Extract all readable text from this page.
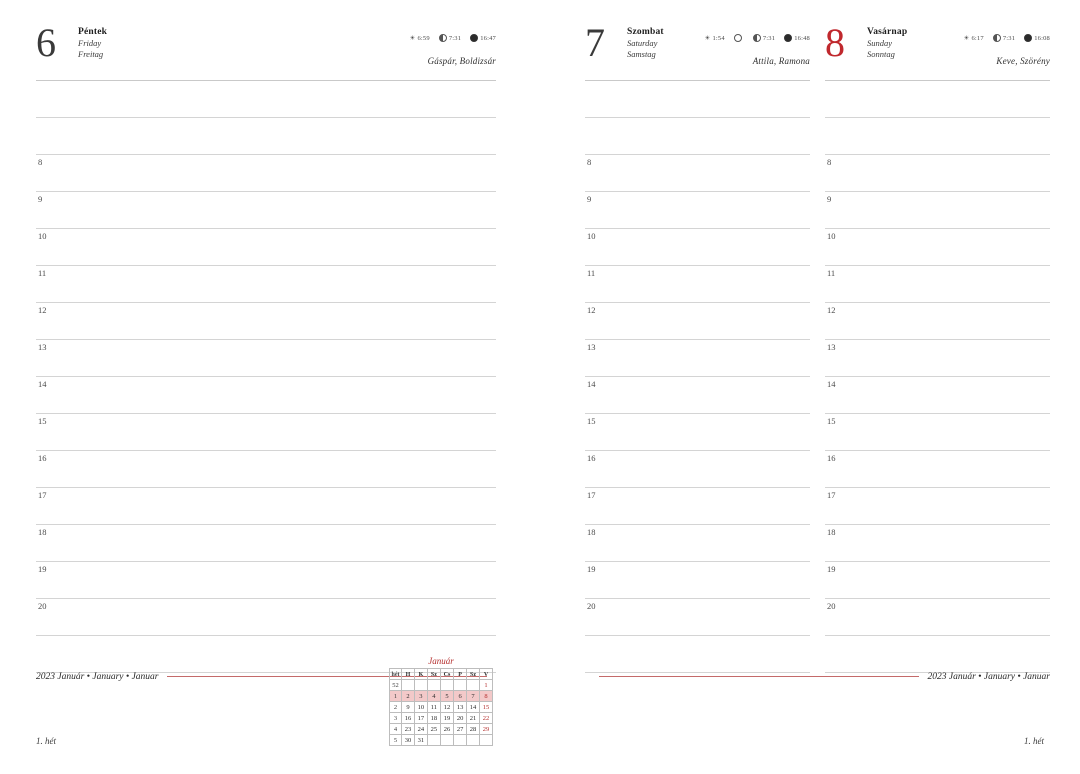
6	Péntek
Friday
Freitag
☀ 6:59	7:31	16:47
Gáspár, Boldizsár
8
9
10
11
12
13
14
15
16
17
18
19
20
2023 Január • January • Januar
1. hét
Január
hét	H	K	Sz	Cs	P	Sz	V
52							1
1	2	3	4	5	6	7	8
2	9	10	11	12	13	14	15
3	16	17	18	19	20	21	22
4	23	24	25	26	27	28	29
5	30	31					
7	Szombat
Saturday
Samstag
☀ 1:54	7:31	16:48
Attila, Ramona
8
9
10
11
12
13
14
15
16
17
18
19
20
8	Vasárnap
Sunday
Sonntag
☀ 6:17	7:31	16:08
Keve, Szörény
8
9
10
11
12
13
14
15
16
17
18
19
20
2023 Január • January • Januar
1. hét
